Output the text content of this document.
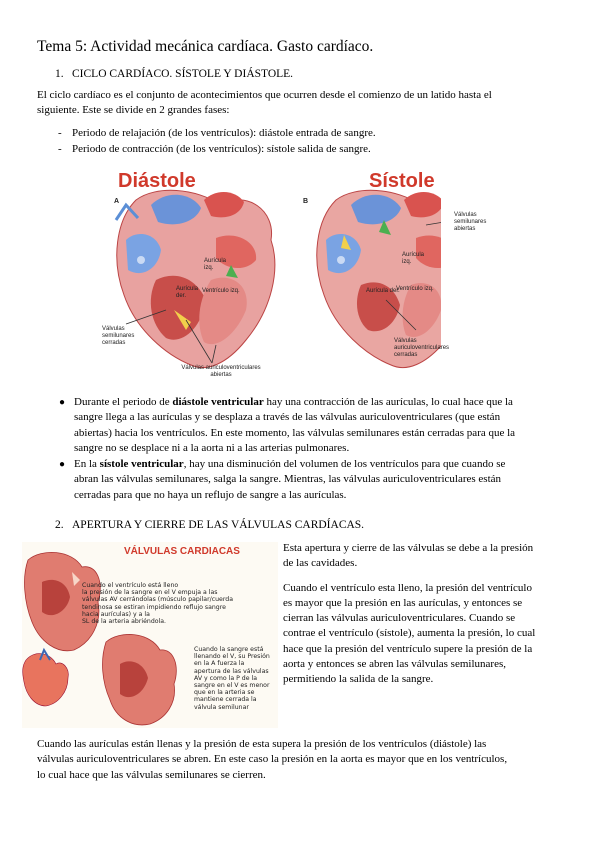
Tema 5: Actividad mecánica cardíaca. Gasto cardíaco.
1. CICLO CARDÍACO. SÍSTOLE Y DIÁSTOLE.
El ciclo cardíaco es el conjunto de acontecimientos que ocurren desde el comienzo de un latido hasta el
siguiente. Este se divide en 2 grandes fases:
- Periodo de relajación (de los ventrículos): diástole entrada de sangre.
- Periodo de contracción (de los ventrículos): sístole salida de sangre.
Diástole	Sístole
A	B
Aurícula izq.
Aurícula der.
Ventrículo izq.
Válvulas semilunares cerradas
Válvulas auriculoventriculares abiertas
Válvulas semilunares abiertas
Aurícula izq.
Aurícula der.
Ventrículo izq.
Válvulas auriculoventriculares cerradas
● Durante el periodo de diástole ventricular hay una contracción de las aurículas, lo cual hace que la
sangre llega a las aurículas y se desplaza a través de las válvulas auriculoventriculares (que están
abiertas) hacia los ventrículos. En este momento, las válvulas semilunares están cerradas para que la
sangre no se desplace ni a la aorta ni a las arterias pulmonares.
● En la sístole ventricular, hay una disminución del volumen de los ventrículos para que cuando se
abran las válvulas semilunares, salga la sangre. Mientras, las válvulas auriculoventriculares están
cerradas para que no haya un reflujo de sangre a las aurículas.
2. APERTURA Y CIERRE DE LAS VÁLVULAS CARDÍACAS.
VÁLVULAS CARDIACAS
Cuando el ventrículo está lleno
la presión de la sangre en el V empuja a las
válvulas AV cerrándolas (músculo papilar/cuerda
tendinosa se estiran impidiendo reflujo sangre
hacia aurículas) y a la
SL de la arteria abriéndola.
Cuando la sangre está
llenando el V, su Presión
en la A fuerza la
apertura de las válvulas
AV y como la P de la
sangre en el V es menor
que en la arteria se
mantiene cerrada la
válvula semilunar
Esta apertura y cierre de las válvulas se debe a la presión
de las cavidades.
Cuando el ventrículo esta lleno, la presión del ventrículo
es mayor que la presión en las aurículas, y entonces se
cierran las válvulas auriculoventriculares. Cuando se
contrae el ventrículo (sístole), aumenta la presión, lo cual
hace que la presión del ventrículo supere la presión de la
aorta y entonces se abren las válvulas semilunares,
permitiendo la salida de la sangre.
Cuando las aurículas están llenas y la presión de esta supera la presión de los ventrículos (diástole) las
válvulas auriculoventriculares se abren. En este caso la presión en la aorta es mayor que en los ventrículos,
lo cual hace que las válvulas semilunares se cierren.
